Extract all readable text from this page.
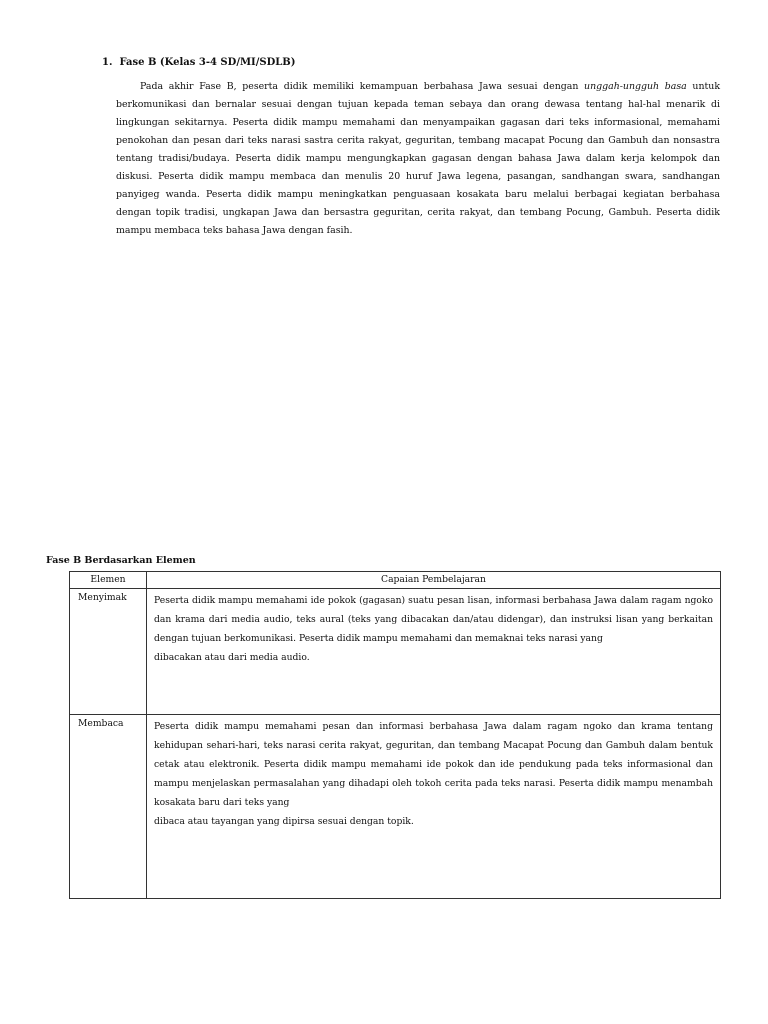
1. Fase B (Kelas 3-4 SD/MI/SDLB)

Pada akhir Fase B, peserta didik memiliki kemampuan berbahasa Jawa sesuai dengan unggah-ungguh basa untuk berkomunikasi dan bernalar sesuai dengan tujuan kepada teman sebaya dan orang dewasa tentang hal-hal menarik di lingkungan sekitarnya. Peserta didik mampu memahami dan menyampaikan gagasan dari teks informasional, memahami penokohan dan pesan dari teks narasi sastra cerita rakyat, geguritan, tembang macapat Pocung dan Gambuh dan nonsastra tentang tradisi/budaya. Peserta didik mampu mengungkapkan gagasan dengan bahasa Jawa dalam kerja kelompok dan diskusi. Peserta didik mampu membaca dan menulis 20 huruf Jawa legena, pasangan, sandhangan swara, sandhangan panyigeg wanda. Peserta didik mampu meningkatkan penguasaan kosakata baru melalui berbagai kegiatan berbahasa dengan topik tradisi, ungkapan Jawa dan bersastra geguritan, cerita rakyat, dan tembang Pocung, Gambuh. Peserta didik mampu membaca teks bahasa Jawa dengan fasih.

Fase B Berdasarkan Elemen
Elemen	Capaian Pembelajaran
Menyimak	Peserta didik mampu memahami ide pokok (gagasan) suatu pesan lisan, informasi berbahasa Jawa dalam ragam ngoko dan krama dari media audio, teks aural (teks yang dibacakan dan/atau didengar), dan instruksi lisan yang berkaitan dengan tujuan berkomunikasi. Peserta didik mampu memahami dan memaknai teks narasi yang
dibacakan atau dari media audio.

Membaca	Peserta didik mampu memahami pesan dan informasi berbahasa Jawa dalam ragam ngoko dan krama tentang kehidupan sehari-hari, teks narasi cerita rakyat, geguritan, dan tembang Macapat Pocung dan Gambuh dalam bentuk cetak atau elektronik. Peserta didik mampu memahami ide pokok dan ide pendukung pada teks informasional dan mampu menjelaskan permasalahan yang dihadapi oleh tokoh cerita pada teks narasi. Peserta didik mampu menambah kosakata baru dari teks yang
dibaca atau tayangan yang dipirsa sesuai dengan topik.
